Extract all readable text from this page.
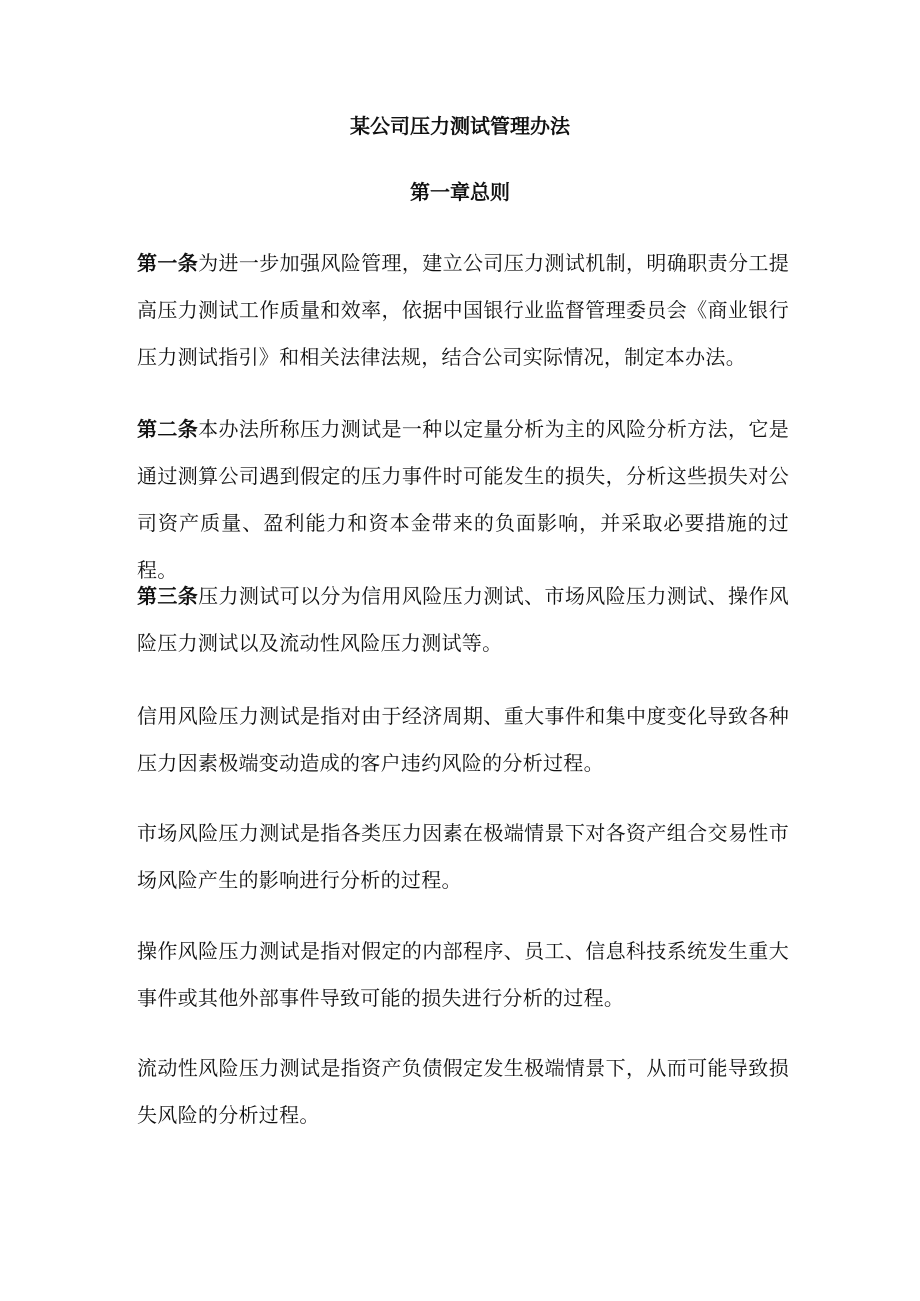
某公司压力测试管理办法
第一章总则

第一条为进一步加强风险管理，建立公司压力测试机制，明确职责分工提高压力测试工作质量和效率，依据中国银行业监督管理委员会《商业银行压力测试指引》和相关法律法规，结合公司实际情况，制定本办法。

第二条本办法所称压力测试是一种以定量分析为主的风险分析方法，它是通过测算公司遇到假定的压力事件时可能发生的损失，分析这些损失对公司资产质量、盈利能力和资本金带来的负面影响，并采取必要措施的过程。

第三条压力测试可以分为信用风险压力测试、市场风险压力测试、操作风险压力测试以及流动性风险压力测试等。

信用风险压力测试是指对由于经济周期、重大事件和集中度变化导致各种压力因素极端变动造成的客户违约风险的分析过程。

市场风险压力测试是指各类压力因素在极端情景下对各资产组合交易性市场风险产生的影响进行分析的过程。

操作风险压力测试是指对假定的内部程序、员工、信息科技系统发生重大事件或其他外部事件导致可能的损失进行分析的过程。

流动性风险压力测试是指资产负债假定发生极端情景下，从而可能导致损失风险的分析过程。
